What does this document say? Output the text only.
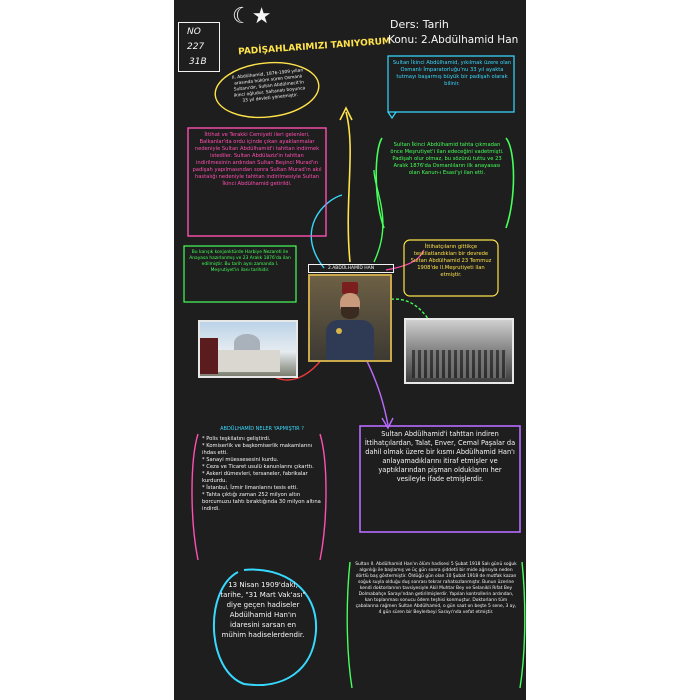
NO
227
31B
☾★
PADİŞAHLARIMIZI TANIYORUM
Ders: Tarih
Konu: 2.Abdülhamid Han
II. Abdülhamid, 1876-1909 yılları arasında hüküm süren Osmanlı Sultanı'dır, Sultan Abdülmecit'in ikinci oğludur. Saltanatı boyunca 33 yıl devleti yönetmiştir.
Sultan İkinci Abdülhamid, yıkılmak üzere olan Osmanlı İmparatorluğu'nu 33 yıl ayakta tutmayı başarmış büyük bir padişah olarak bilinir.
İttihat ve Terakki Cemiyeti ileri gelenleri, Balkanlar'da ordu içinde çıkan ayaklanmalar nedeniyle Sultan Abdülhamid'i tahttan indirmek istediler. Sultan Abdülaziz'in tahttan indirilmesinin ardından Sultan Beşinci Murad'ın padişah yapılmasından sonra Sultan Murad'ın akıl hastalığı nedeniyle tahttan indirilmesiyle Sultan İkinci Abdülhamid getirildi.
Sultan İkinci Abdülhamid tahta çıkmadan önce Meşrutiyet'i ilan edeceğini vadetmişti. Padişah olur olmaz, bu sözünü tuttu ve 23 Aralık 1876'da Osmanlıların ilk anayasası olan Kanun-ı Esasi'yi ilan etti.
Bu karışık konjonktürde Harbiye Nezareti ile Anayasa hazırlanmış ve 23 Aralık 1876'da ilan edilmiştir. Bu tarih aynı zamanda I. Meşrutiyet'in ilanı tarihidir.
İttihatçıların gittikçe teşkilatlandıkları bir devrede Sultan Abdülhamid 23 Temmuz 1908'de II.Meşrutiyeti ilan etmiştir.
2.ABDÜLHAMİD HAN
ABDÜLHAMİD NELER YAPMIŞTIR ?
* Polis teşkilatını geliştirdi.
* Komiserlik ve başkomiserlik makamlarını ihdas etti.
* Sanayi müessesesini kurdu.
* Ceza ve Ticaret usulü kanunlarını çıkarttı.
* Askeri dümevleri, tersaneler, fabrikalar kurdurdu.
* İstanbul, İzmir limanlarını tesis etti.
* Tahta çıktığı zaman 252 milyon altın borcumuzu tahtı bıraktığında 30 milyon altına indirdi.
Sultan Abdülhamid'i tahttan indiren İttihatçılardan, Talat, Enver, Cemal Paşalar da dahil olmak üzere bir kısmı Abdülhamid Han'ı anlayamadıklarını itiraf etmişler ve yaptıklarından pişman olduklarını her vesileyle ifade etmişlerdir.
13 Nisan 1909'daki, tarihe, "31 Mart Vak'ası" diye geçen hadiseler Abdülhamid Han'ın idaresini sarsan en mühim hadiselerdendir.
Sultan II. Abdülhamid Han'ın ölüm hadisesi 5 Şubat 1918 Salı günü soğuk algınlığı ile başlamış ve üç gün sonra şiddetli bir mide ağrısıyla neden dörtlü baş göstermiştir. Öldüğü gün olan 10 Şubat 1918 de mutfak kazan soğuk suyla olduğu duş sonrası tekrar rahatsızlanmıştır. Bunun üzerine kendi doktorlarının tavsiyesiyle Akil Muhtar Bey ve Selanikli Rıfat Bey Dolmabahçe Sarayı'ndan getirilmişlerdir. Yapılan kontrollerin ardından, kan toplanması sonucu ödem teşhisi konmuştur. Doktorların tüm çabalarına rağmen Sultan Abdülhamid, o gün saat on beşte 5 sene, 3 ay, 4 gün süren bir Beylerbeyi Sarayı'nda vefat etmiştir.
